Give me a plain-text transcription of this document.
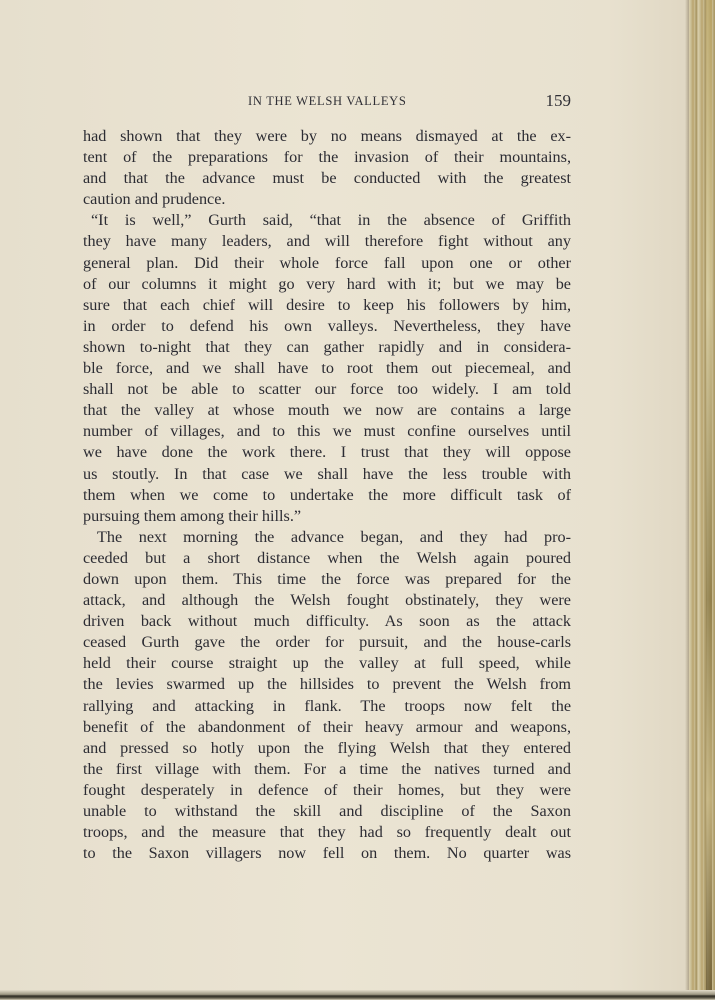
IN THE WELSH VALLEYS	159
had shown that they were by no means dismayed at the ex-
tent of the preparations for the invasion of their mountains,
and that the advance must be conducted with the greatest
caution and prudence.
“It is well,” Gurth said, “that in the absence of Griffith
they have many leaders, and will therefore fight without any
general plan. Did their whole force fall upon one or other
of our columns it might go very hard with it; but we may be
sure that each chief will desire to keep his followers by him,
in order to defend his own valleys. Nevertheless, they have
shown to-night that they can gather rapidly and in considera-
ble force, and we shall have to root them out piecemeal, and
shall not be able to scatter our force too widely. I am told
that the valley at whose mouth we now are contains a large
number of villages, and to this we must confine ourselves until
we have done the work there. I trust that they will oppose
us stoutly. In that case we shall have the less trouble with
them when we come to undertake the more difficult task of
pursuing them among their hills.”
The next morning the advance began, and they had pro-
ceeded but a short distance when the Welsh again poured
down upon them. This time the force was prepared for the
attack, and although the Welsh fought obstinately, they were
driven back without much difficulty. As soon as the attack
ceased Gurth gave the order for pursuit, and the house-carls
held their course straight up the valley at full speed, while
the levies swarmed up the hillsides to prevent the Welsh from
rallying and attacking in flank. The troops now felt the
benefit of the abandonment of their heavy armour and weapons,
and pressed so hotly upon the flying Welsh that they entered
the first village with them. For a time the natives turned and
fought desperately in defence of their homes, but they were
unable to withstand the skill and discipline of the Saxon
troops, and the measure that they had so frequently dealt out
to the Saxon villagers now fell on them. No quarter was
